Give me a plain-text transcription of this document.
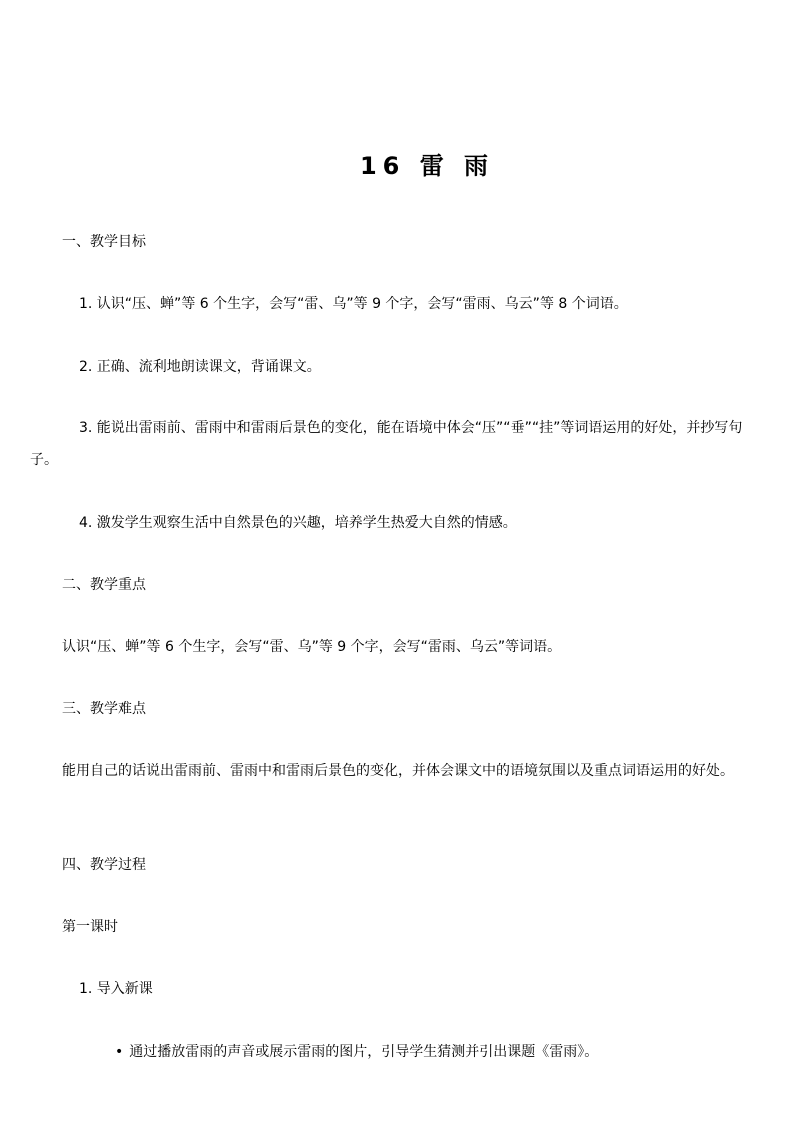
16 雷 雨
一、教学目标
1. 认识“压、蝉”等 6 个生字，会写“雷、乌”等 9 个字，会写“雷雨、乌云”等 8 个词语。
2. 正确、流利地朗读课文，背诵课文。
3. 能说出雷雨前、雷雨中和雷雨后景色的变化，能在语境中体会“压”“垂”“挂”等词语运用的好处，并抄写句子。
4. 激发学生观察生活中自然景色的兴趣，培养学生热爱大自然的情感。
二、教学重点
认识“压、蝉”等 6 个生字，会写“雷、乌”等 9 个字，会写“雷雨、乌云”等词语。
三、教学难点
能用自己的话说出雷雨前、雷雨中和雷雨后景色的变化，并体会课文中的语境氛围以及重点词语运用的好处。
四、教学过程
第一课时
1. 导入新课
• 通过播放雷雨的声音或展示雷雨的图片，引导学生猜测并引出课题《雷雨》。
